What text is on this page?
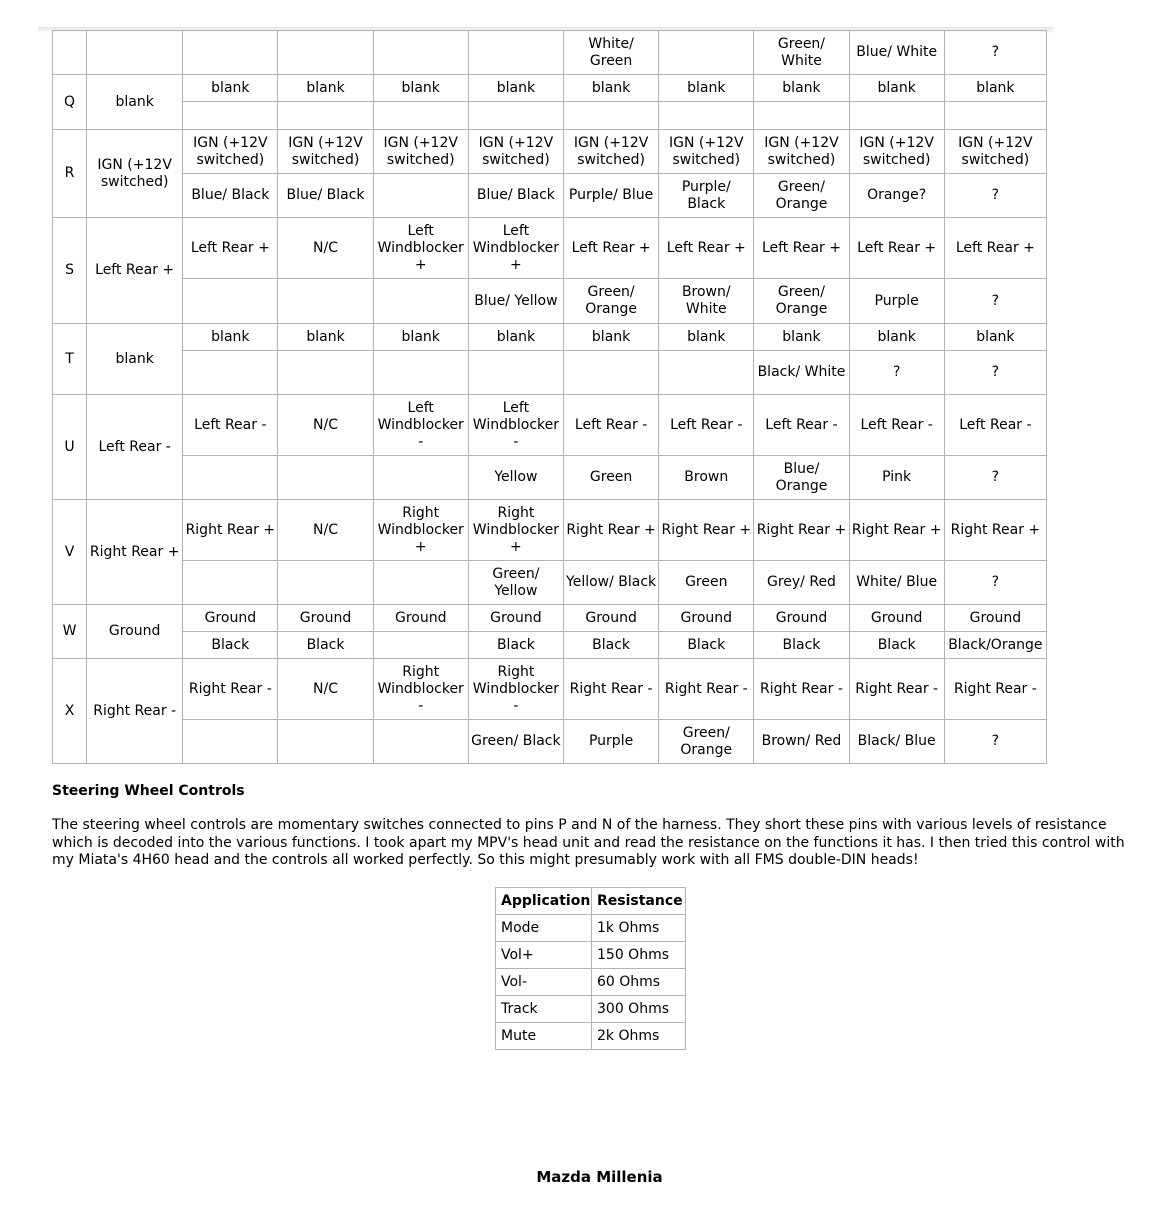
						White/ Green		Green/ White	Blue/ White	?
Q	blank	blank	blank	blank	blank	blank	blank	blank	blank	blank

R	IGN (+12V switched)	IGN (+12V switched)	IGN (+12V switched)	IGN (+12V switched)	IGN (+12V switched)	IGN (+12V switched)	IGN (+12V switched)	IGN (+12V switched)	IGN (+12V switched)	IGN (+12V switched)
		Blue/ Black	Blue/ Black		Blue/ Black	Purple/ Blue	Purple/ Black	Green/ Orange	Orange?	?
S	Left Rear +	Left Rear +	N/C	Left Windblocker +	Left Windblocker +	Left Rear +	Left Rear +	Left Rear +	Left Rear +	Left Rear +
					Blue/ Yellow	Green/ Orange	Brown/ White	Green/ Orange	Purple	?
T	blank	blank	blank	blank	blank	blank	blank	blank	blank	blank
								Black/ White	?	?
U	Left Rear -	Left Rear -	N/C	Left Windblocker -	Left Windblocker -	Left Rear -	Left Rear -	Left Rear -	Left Rear -	Left Rear -
					Yellow	Green	Brown	Blue/ Orange	Pink	?
V	Right Rear +	Right Rear +	N/C	Right Windblocker +	Right Windblocker +	Right Rear +	Right Rear +	Right Rear +	Right Rear +	Right Rear +
					Green/ Yellow	Yellow/ Black	Green	Grey/ Red	White/ Blue	?
W	Ground	Ground	Ground	Ground	Ground	Ground	Ground	Ground	Ground	Ground
		Black	Black		Black	Black	Black	Black	Black	Black/Orange
X	Right Rear -	Right Rear -	N/C	Right Windblocker -	Right Windblocker -	Right Rear -	Right Rear -	Right Rear -	Right Rear -	Right Rear -
					Green/ Black	Purple	Green/ Orange	Brown/ Red	Black/ Blue	?
Steering Wheel Controls

The steering wheel controls are momentary switches connected to pins P and N of the harness. They short these pins with various levels of resistance which is decoded into the various functions. I took apart my MPV's head unit and read the resistance on the functions it has. I then tried this control with my Miata's 4H60 head and the controls all worked perfectly. So this might presumably work with all FMS double-DIN heads!

Application	Resistance
Mode	1k Ohms
Vol+	150 Ohms
Vol-	60 Ohms
Track	300 Ohms
Mute	2k Ohms
Mazda Millenia
